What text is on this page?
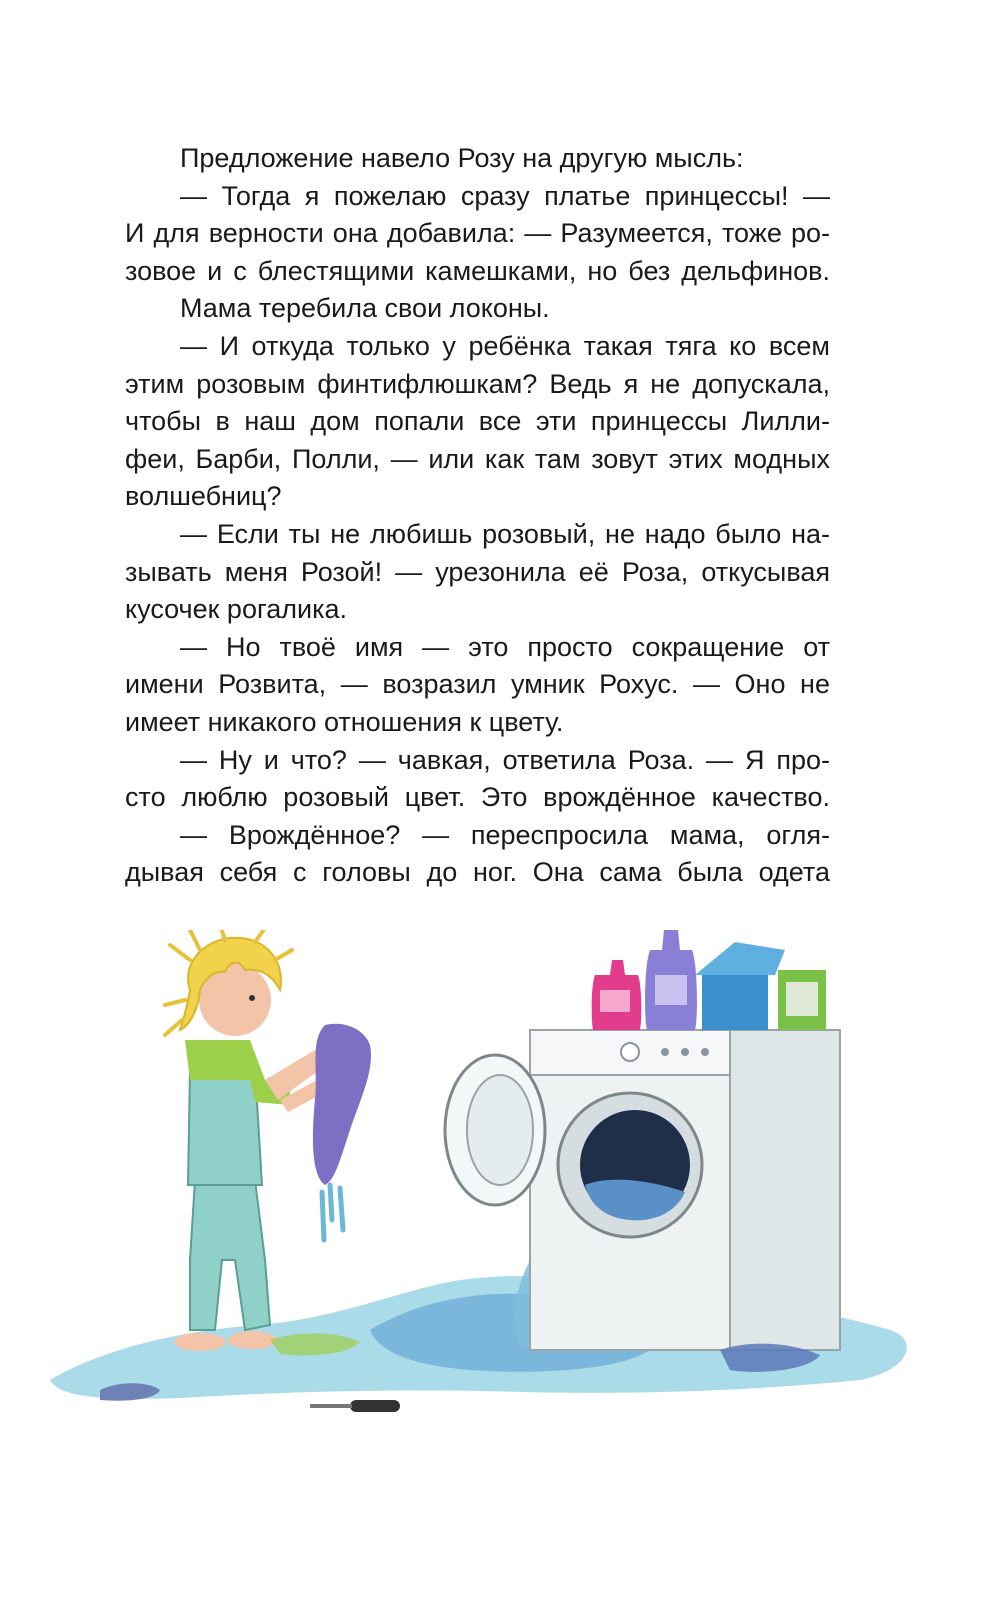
Предложение навело Розу на другую мысль:
— Тогда я пожелаю сразу платье принцессы! —
И для верности она добавила: — Разумеется, тоже ро-
зовое и с блестящими камешками, но без дельфинов.
Мама теребила свои локоны.
— И откуда только у ребёнка такая тяга ко всем
этим розовым финтифлюшкам? Ведь я не допускала,
чтобы в наш дом попали все эти принцессы Лилли-
феи, Барби, Полли, — или как там зовут этих модных
волшебниц?
— Если ты не любишь розовый, не надо было на-
зывать меня Розой! — урезонила её Роза, откусывая
кусочек рогалика.
— Но твоё имя — это просто сокращение от
имени Розвита, — возразил умник Рохус. — Оно не
имеет никакого отношения к цвету.
— Ну и что? — чавкая, ответила Роза. — Я про-
сто люблю розовый цвет. Это врождённое качество.
— Врождённое? — переспросила мама, огля-
дывая себя с головы до ног. Она сама была одета
